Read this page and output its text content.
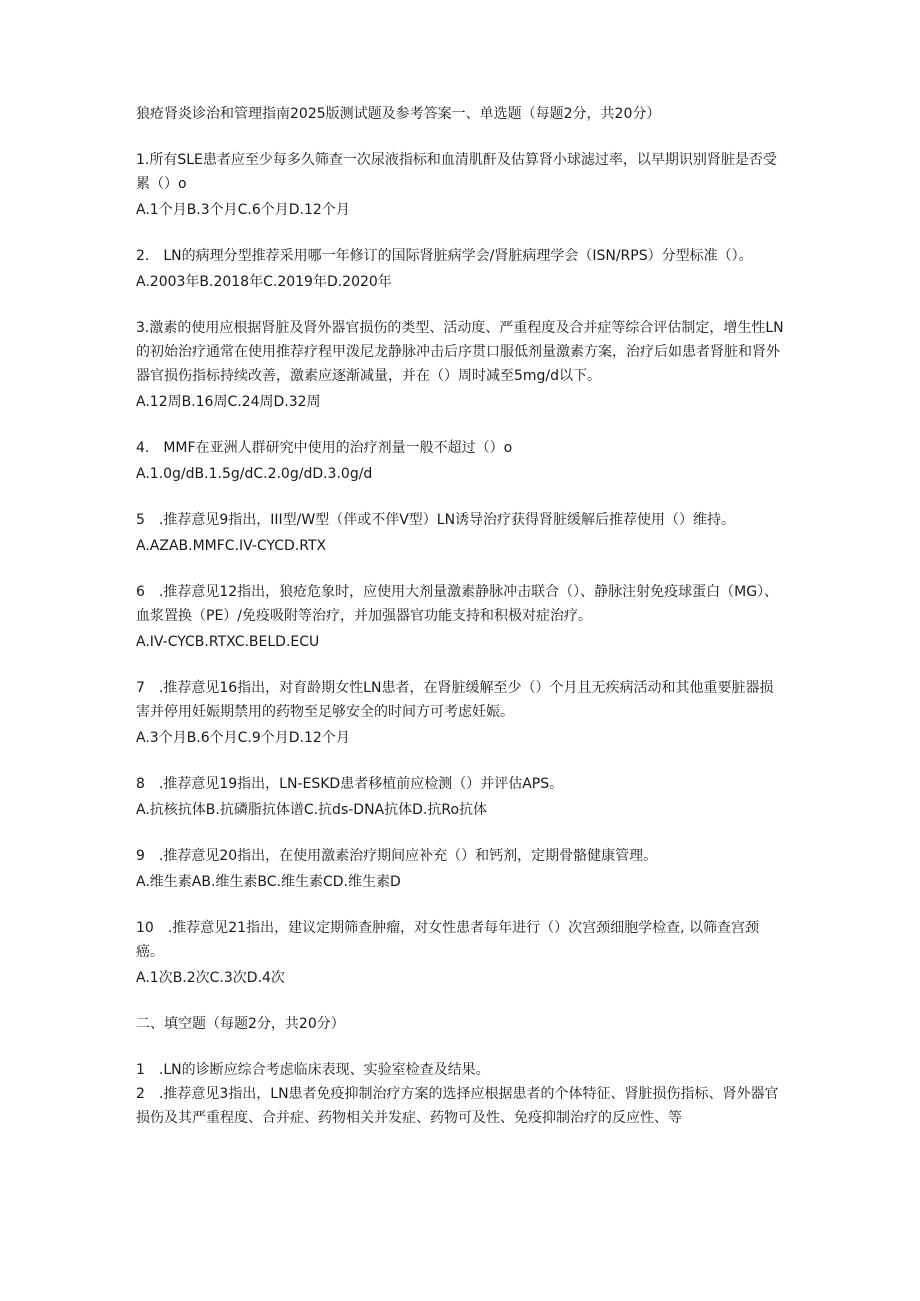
狼疮肾炎诊治和管理指南2025版测试题及参考答案一、单选题（每题2分，共20分）
1.所有SLE患者应至少每多久筛查一次尿液指标和血清肌酐及估算肾小球滤过率，以早期识别肾脏是否受累（）o
A.1个月B.3个月C.6个月D.12个月
2.　LN的病理分型推荐采用哪一年修订的国际肾脏病学会/肾脏病理学会（ISN/RPS）分型标准（）。
A.2003年B.2018年C.2019年D.2020年
3.激素的使用应根据肾脏及肾外器官损伤的类型、活动度、严重程度及合并症等综合评估制定，增生性LN的初始治疗通常在使用推荐疗程甲泼尼龙静脉冲击后序贯口服低剂量激素方案，治疗后如患者肾脏和肾外器官损伤指标持续改善，激素应逐渐减量，并在（）周时减至5mg/d以下。
A.12周B.16周C.24周D.32周
4.　MMF在亚洲人群研究中使用的治疗剂量一般不超过（）o
A.1.0g/dB.1.5g/dC.2.0g/dD.3.0g/d
5　.推荐意见9指出，III型/W型（伴或不伴V型）LN诱导治疗获得肾脏缓解后推荐使用（）维持。
A.AZAB.MMFC.IV-CYCD.RTX
6　.推荐意见12指出，狼疮危象时，应使用大剂量激素静脉冲击联合（）、静脉注射免疫球蛋白（MG）、血浆置换（PE）/免疫吸附等治疗，并加强器官功能支持和积极对症治疗。
A.IV-CYCB.RTXC.BELD.ECU
7　.推荐意见16指出，对育龄期女性LN患者，在肾脏缓解至少（）个月且无疾病活动和其他重要脏器损害并停用妊娠期禁用的药物至足够安全的时间方可考虑妊娠。
A.3个月B.6个月C.9个月D.12个月
8　.推荐意见19指出，LN-ESKD患者移植前应检测（）并评估APS。
A.抗核抗体B.抗磷脂抗体谱C.抗ds-DNA抗体D.抗Ro抗体
9　.推荐意见20指出，在使用激素治疗期间应补充（）和钙剂，定期骨骼健康管理。
A.维生素AB.维生素BC.维生素CD.维生素D
10　.推荐意见21指出，建议定期筛查肿瘤，对女性患者每年进行（）次宫颈细胞学检查, 以筛查宫颈癌。
A.1次B.2次C.3次D.4次
二、填空题（每题2分，共20分）
1　.LN的诊断应综合考虑临床表现、实验室检查及结果。
2　.推荐意见3指出，LN患者免疫抑制治疗方案的选择应根据患者的个体特征、肾脏损伤指标、肾外器官损伤及其严重程度、合并症、药物相关并发症、药物可及性、免疫抑制治疗的反应性、等
